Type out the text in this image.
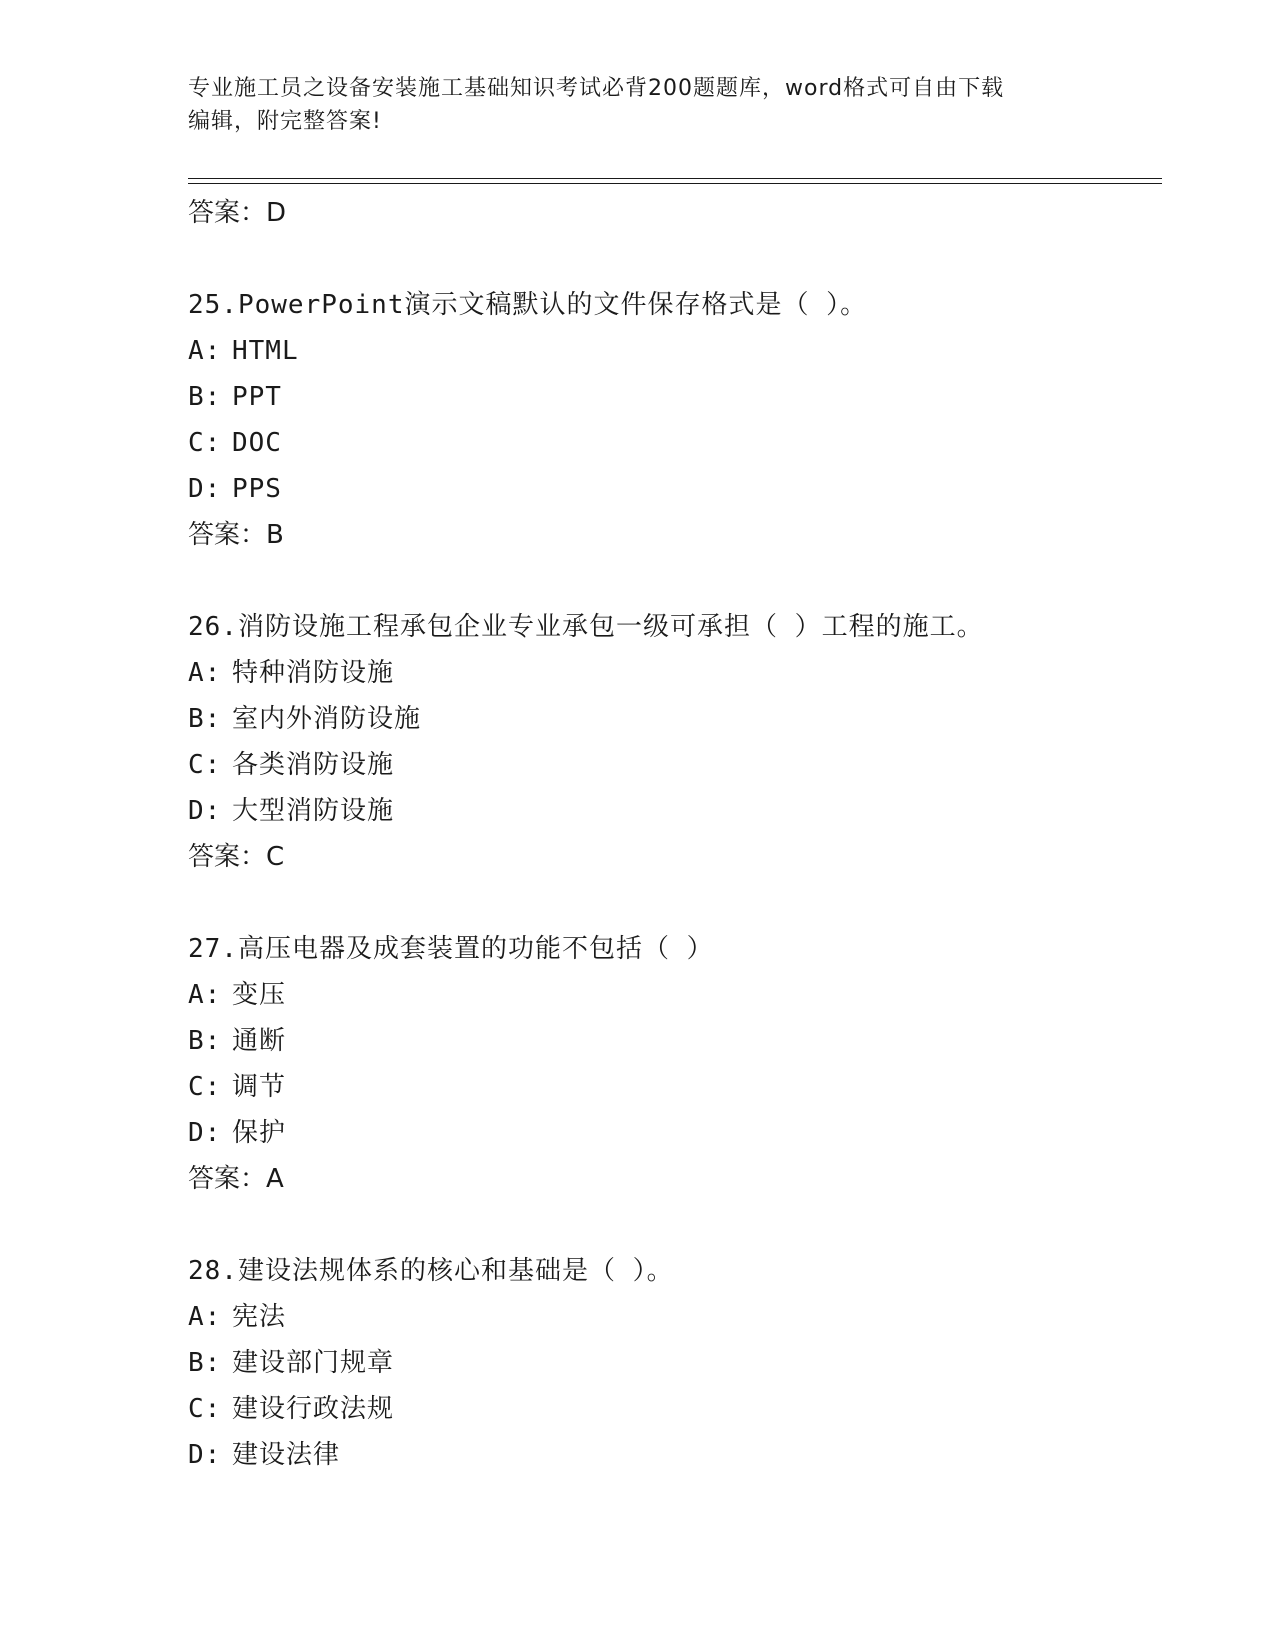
专业施工员之设备安装施工基础知识考试必背200题题库，word格式可自由下载
编辑，附完整答案!
答案：D
25.PowerPoint演示文稿默认的文件保存格式是（ ）。
A: HTML
B: PPT
C: DOC
D: PPS
答案：B
26.消防设施工程承包企业专业承包一级可承担（ ）工程的施工。
A: 特种消防设施
B: 室内外消防设施
C: 各类消防设施
D: 大型消防设施
答案：C
27.高压电器及成套装置的功能不包括（ ）
A: 变压
B: 通断
C: 调节
D: 保护
答案：A
28.建设法规体系的核心和基础是（ ）。
A: 宪法
B: 建设部门规章
C: 建设行政法规
D: 建设法律
